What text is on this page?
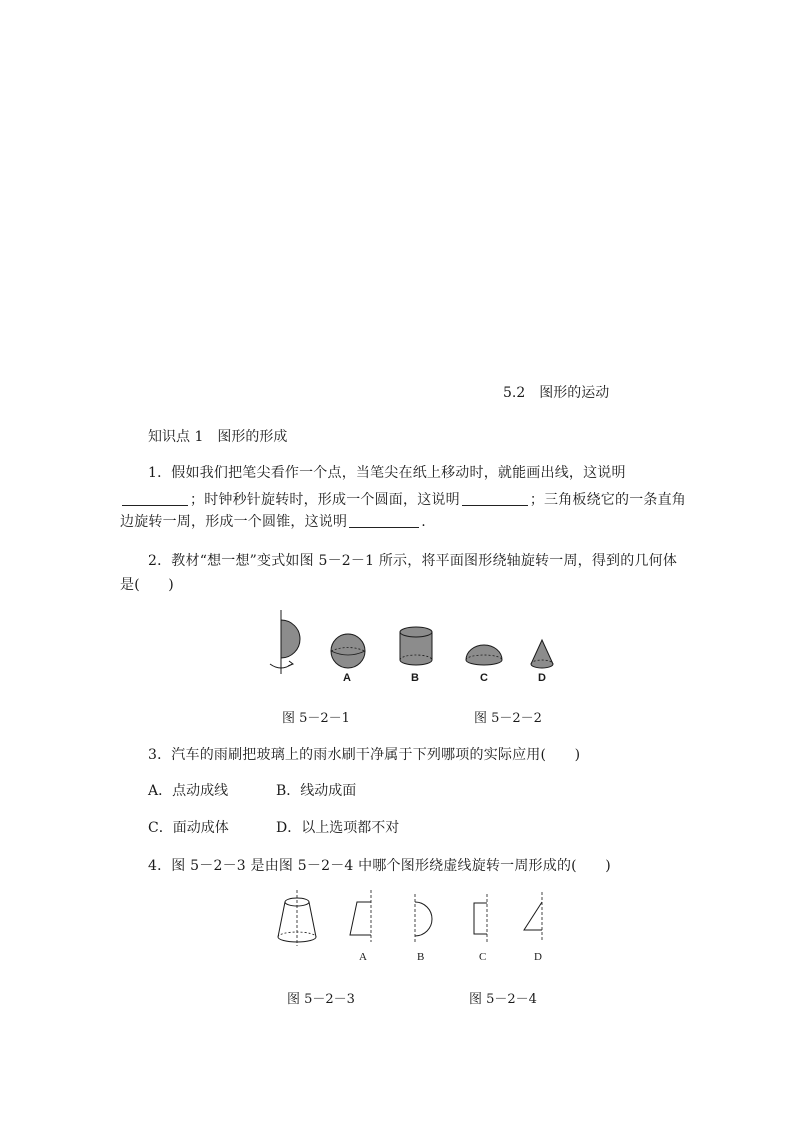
5.2　图形的运动
知识点 1　图形的形成
1．假如我们把笔尖看作一个点，当笔尖在纸上移动时，就能画出线，这说明
；时钟秒针旋转时，形成一个圆面，这说明	；三角板绕它的一条直角
边旋转一周，形成一个圆锥，这说明	.
2．教材“想一想”变式如图 5－2－1 所示，将平面图形绕轴旋转一周，得到的几何体
是(　　)
A	B	C	D
图 5－2－1	图 5－2－2
3．汽车的雨刷把玻璃上的雨水刷干净属于下列哪项的实际应用(　　)
A．点动成线	B．线动成面
C．面动成体	D．以上选项都不对
4．图 5－2－3 是由图 5－2－4 中哪个图形绕虚线旋转一周形成的(　　)
A	B	C	D
图 5－2－3	图 5－2－4
